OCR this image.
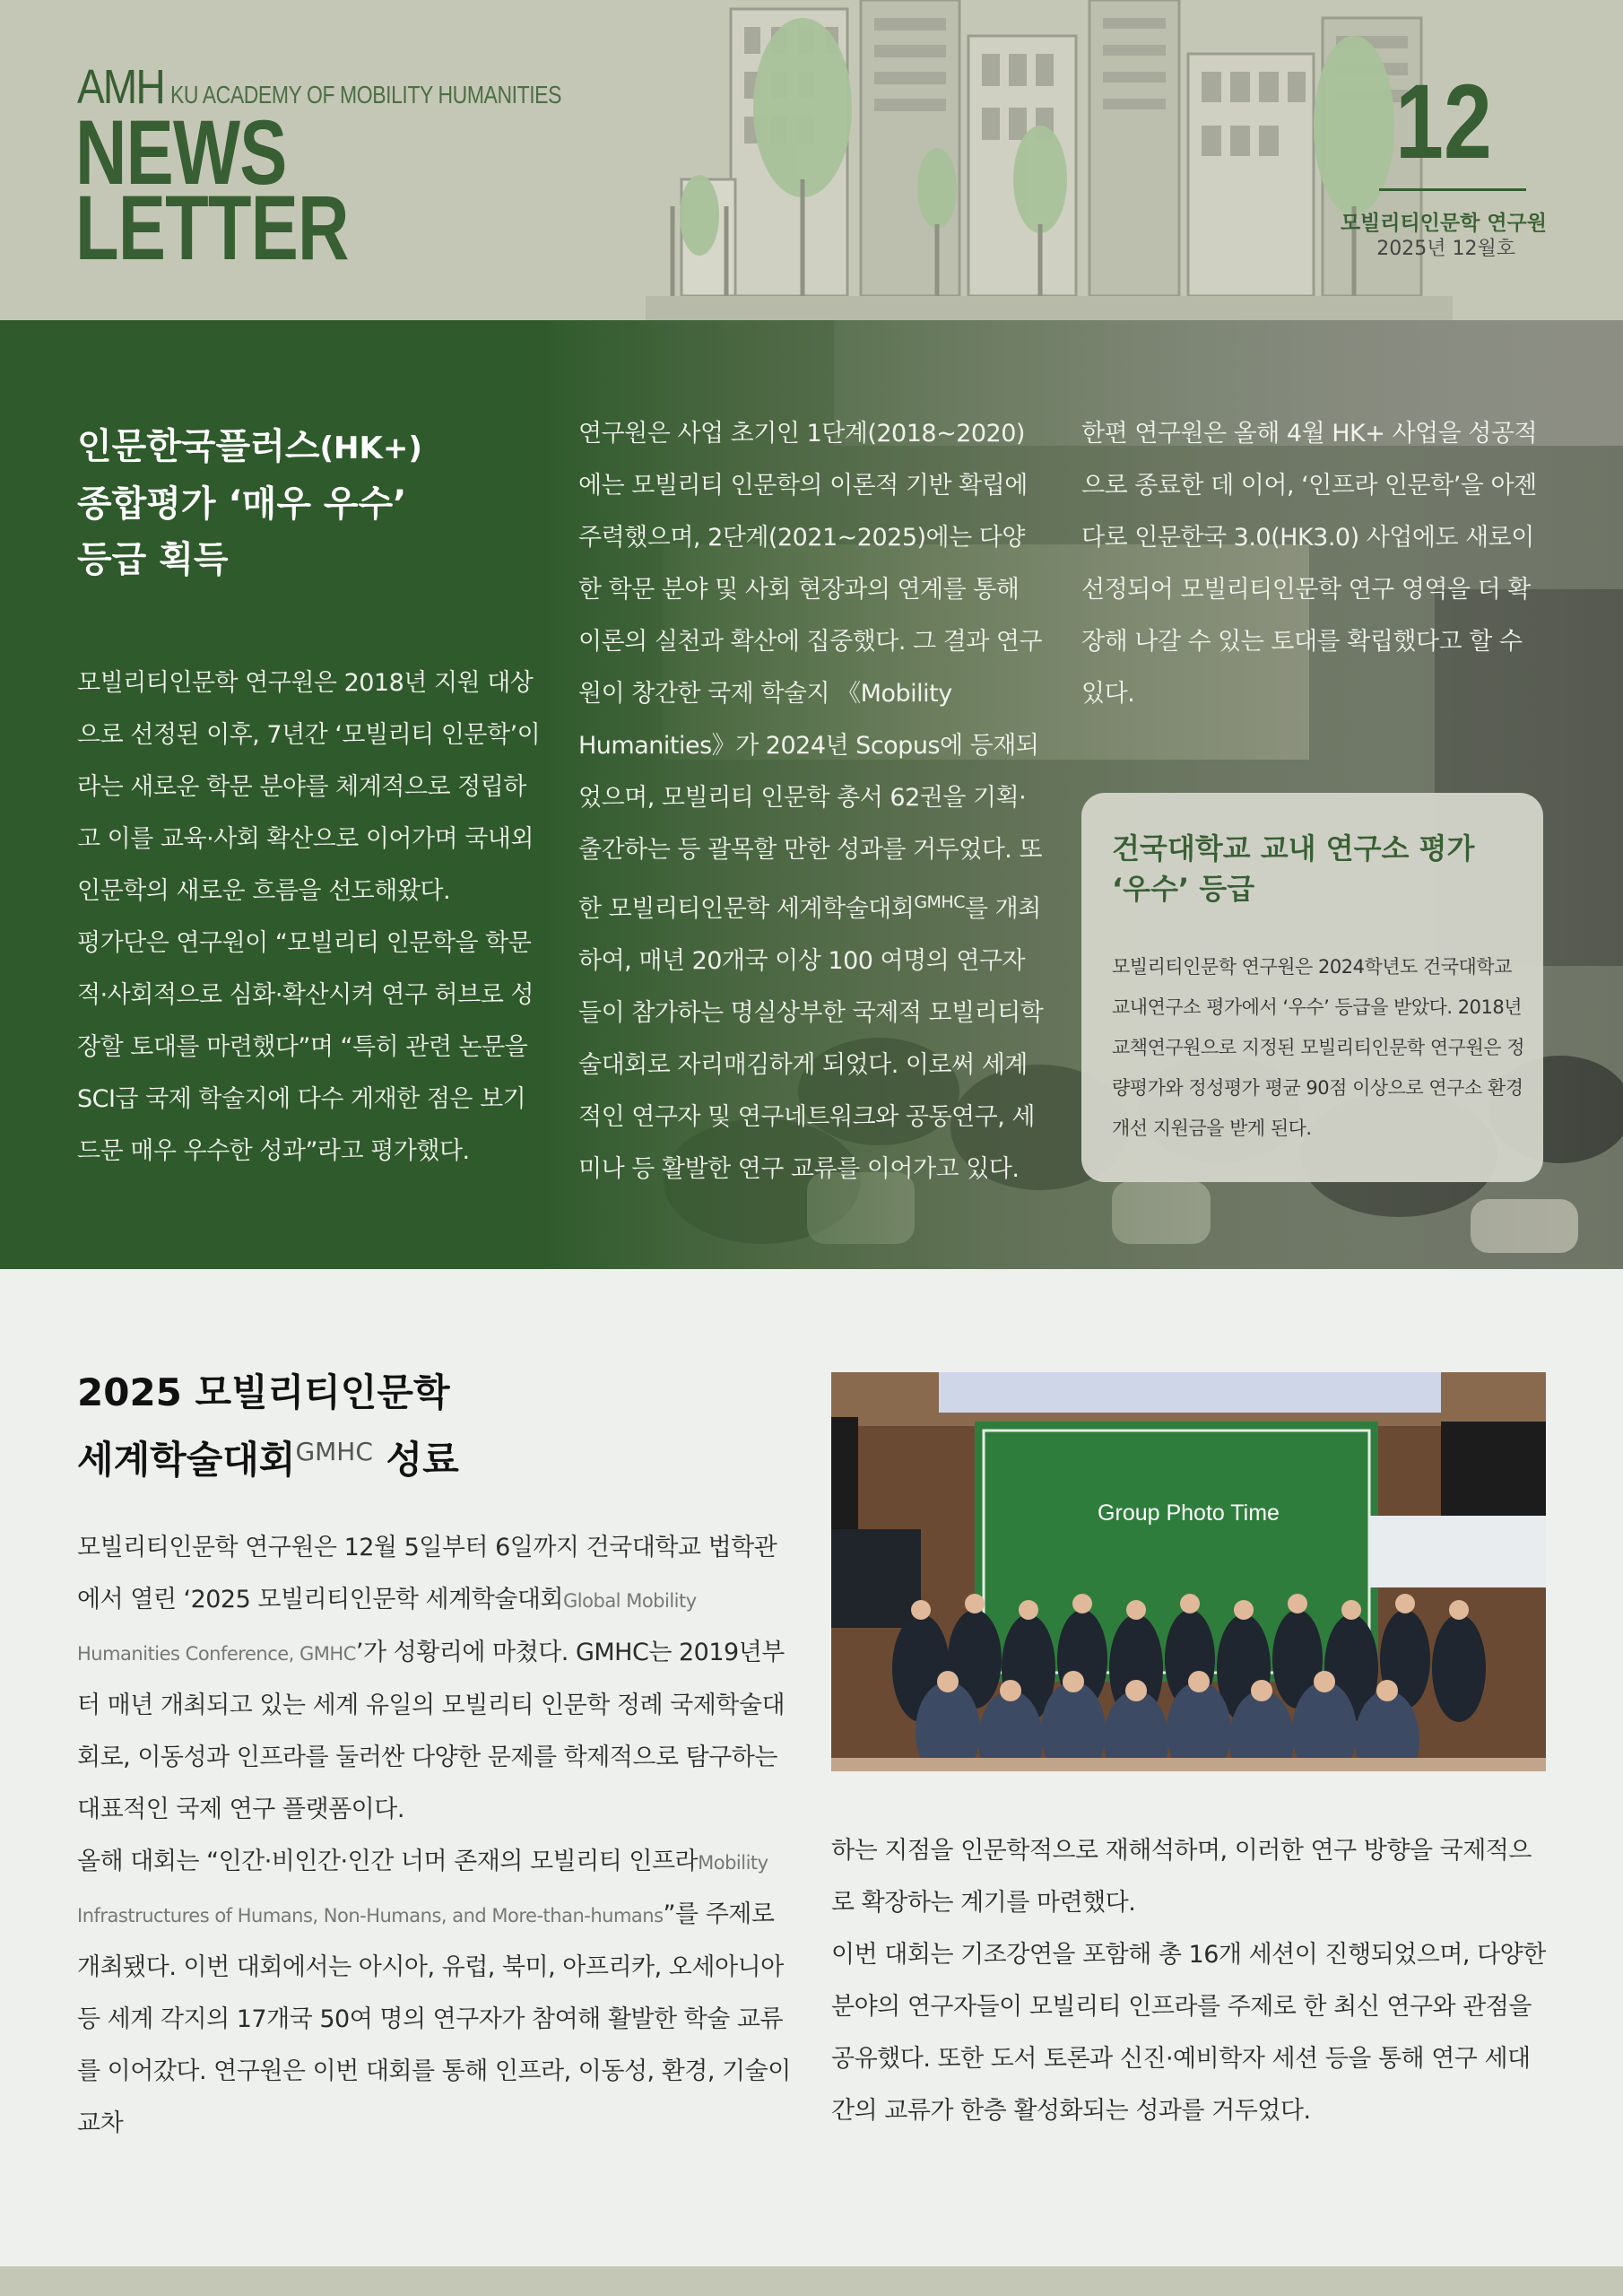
AMH KU ACADEMY OF MOBILITY HUMANITIES
NEWS
LETTER
12
모빌리티인문학 연구원
2025년 12월호
인문한국플러스(HK+)
종합평가 ‘매우 우수’
등급 획득

모빌리티인문학 연구원은 2018년 지원 대상으로 선정된 이후, 7년간 ‘모빌리티 인문학’이라는 새로운 학문 분야를 체계적으로 정립하고 이를 교육·사회 확산으로 이어가며 국내외 인문학의 새로운 흐름을 선도해왔다.

평가단은 연구원이 “모빌리티 인문학을 학문적·사회적으로 심화·확산시켜 연구 허브로 성장할 토대를 마련했다”며 “특히 관련 논문을 SCI급 국제 학술지에 다수 게재한 점은 보기 드문 매우 우수한 성과”라고 평가했다.

연구원은 사업 초기인 1단계(2018~2020)에는 모빌리티 인문학의 이론적 기반 확립에 주력했으며, 2단계(2021~2025)에는 다양한 학문 분야 및 사회 현장과의 연계를 통해 이론의 실천과 확산에 집중했다. 그 결과 연구원이 창간한 국제 학술지 《Mobility Humanities》가 2024년 Scopus에 등재되었으며, 모빌리티 인문학 총서 62권을 기획·출간하는 등 괄목할 만한 성과를 거두었다. 또한 모빌리티인문학 세계학술대회$^{GMHC}$를 개최하여, 매년 20개국 이상 100 여명의 연구자들이 참가하는 명실상부한 국제적 모빌리티학술대회로 자리매김하게 되었다. 이로써 세계적인 연구자 및 연구네트워크와 공동연구, 세미나 등 활발한 연구 교류를 이어가고 있다.

한편 연구원은 올해 4월 HK+ 사업을 성공적으로 종료한 데 이어, ‘인프라 인문학’을 아젠다로 인문한국 3.0(HK3.0) 사업에도 새로이 선정되어 모빌리티인문학 연구 영역을 더 확장해 나갈 수 있는 토대를 확립했다고 할 수 있다.

건국대학교 교내 연구소 평가
‘우수’ 등급
모빌리티인문학 연구원은 2024학년도 건국대학교 교내연구소 평가에서 ‘우수’ 등급을 받았다. 2018년 교책연구원으로 지정된 모빌리티인문학 연구원은 정량평가와 정성평가 평균 90점 이상으로 연구소 환경 개선 지원금을 받게 된다.
2025 모빌리티인문학
세계학술대회$^{GMHC}$ 성료
Group Photo Time

모빌리티인문학 연구원은 12월 5일부터 6일까지 건국대학교 법학관에서 열린 ‘2025 모빌리티인문학 세계학술대회Global Mobility Humanities Conference, GMHC’가 성황리에 마쳤다. GMHC는 2019년부터 매년 개최되고 있는 세계 유일의 모빌리티 인문학 정례 국제학술대회로, 이동성과 인프라를 둘러싼 다양한 문제를 학제적으로 탐구하는 대표적인 국제 연구 플랫폼이다.

올해 대회는 “인간·비인간·인간 너머 존재의 모빌리티 인프라Mobility Infrastructures of Humans, Non-Humans, and More-than-humans”를 주제로 개최됐다. 이번 대회에서는 아시아, 유럽, 북미, 아프리카, 오세아니아 등 세계 각지의 17개국 50여 명의 연구자가 참여해 활발한 학술 교류를 이어갔다. 연구원은 이번 대회를 통해 인프라, 이동성, 환경, 기술이 교차

하는 지점을 인문학적으로 재해석하며, 이러한 연구 방향을 국제적으로 확장하는 계기를 마련했다.

이번 대회는 기조강연을 포함해 총 16개 세션이 진행되었으며, 다양한 분야의 연구자들이 모빌리티 인프라를 주제로 한 최신 연구와 관점을 공유했다. 또한 도서 토론과 신진·예비학자 세션 등을 통해 연구 세대 간의 교류가 한층 활성화되는 성과를 거두었다.
